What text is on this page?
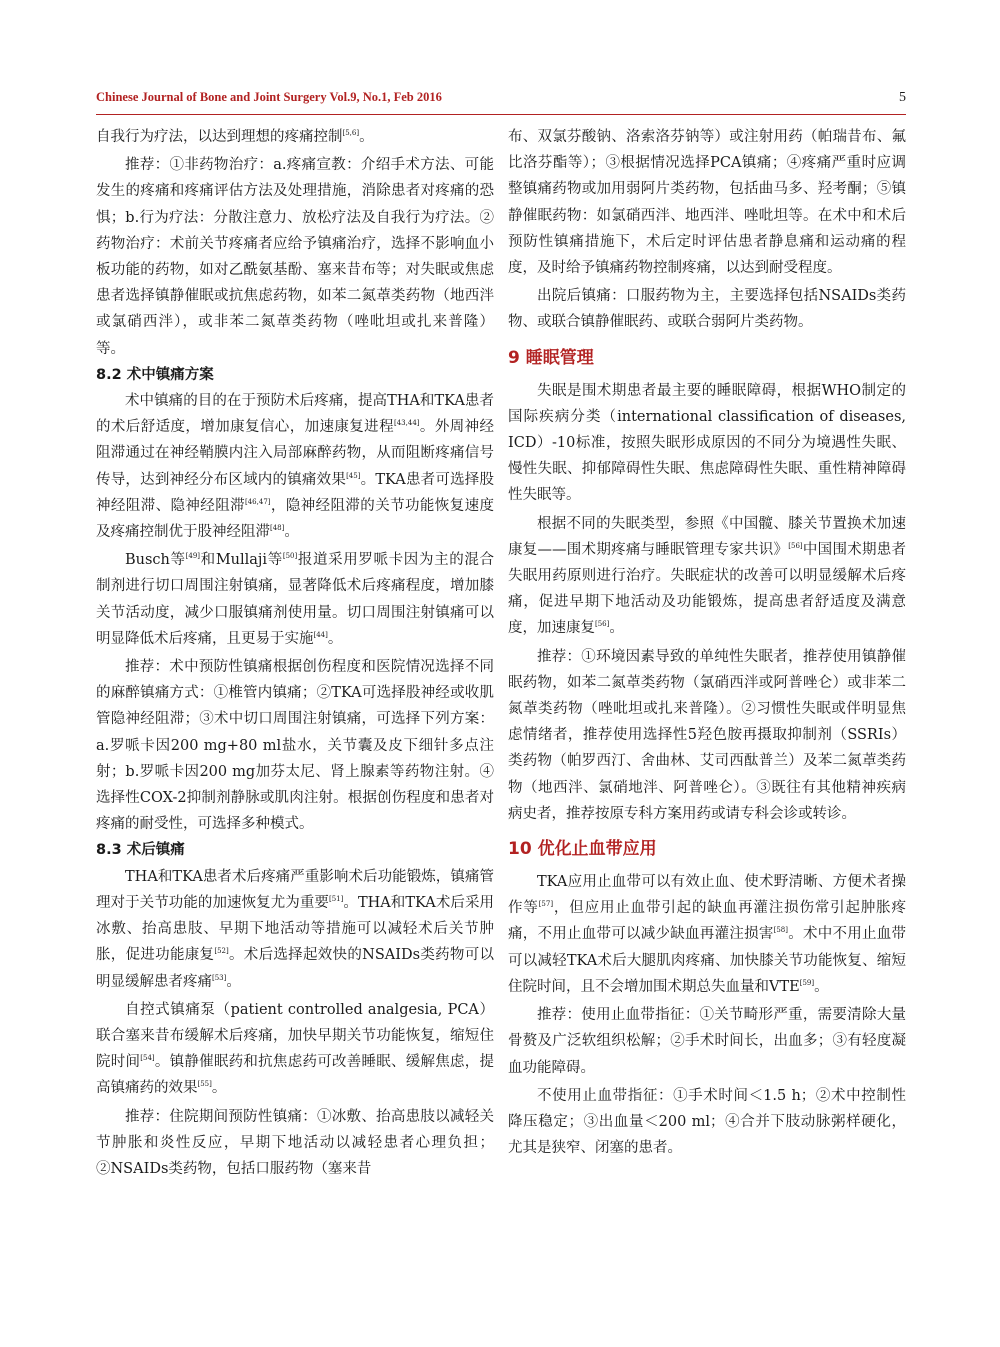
Chinese Journal of Bone and Joint Surgery Vol.9, No.1, Feb 2016	5

自我行为疗法，以达到理想的疼痛控制[5,6]。

推荐：①非药物治疗：a.疼痛宣教：介绍手术方法、可能发生的疼痛和疼痛评估方法及处理措施，消除患者对疼痛的恐惧；b.行为疗法：分散注意力、放松疗法及自我行为疗法。②药物治疗：术前关节疼痛者应给予镇痛治疗，选择不影响血小板功能的药物，如对乙酰氨基酚、塞来昔布等；对失眠或焦虑患者选择镇静催眠或抗焦虑药物，如苯二氮䓬类药物（地西泮或氯硝西泮），或非苯二氮䓬类药物（唑吡坦或扎来普隆）等。

8.2 术中镇痛方案

术中镇痛的目的在于预防术后疼痛，提高THA和TKA患者的术后舒适度，增加康复信心，加速康复进程[43,44]。外周神经阻滞通过在神经鞘膜内注入局部麻醉药物，从而阻断疼痛信号传导，达到神经分布区域内的镇痛效果[45]。TKA患者可选择股神经阻滞、隐神经阻滞[46,47]，隐神经阻滞的关节功能恢复速度及疼痛控制优于股神经阻滞[48]。

Busch等[49]和Mullaji等[50]报道采用罗哌卡因为主的混合制剂进行切口周围注射镇痛，显著降低术后疼痛程度，增加膝关节活动度，减少口服镇痛剂使用量。切口周围注射镇痛可以明显降低术后疼痛，且更易于实施[44]。

推荐：术中预防性镇痛根据创伤程度和医院情况选择不同的麻醉镇痛方式：①椎管内镇痛；②TKA可选择股神经或收肌管隐神经阻滞；③术中切口周围注射镇痛，可选择下列方案：a.罗哌卡因200 mg+80 ml盐水，关节囊及皮下细针多点注射；b.罗哌卡因200 mg加芬太尼、肾上腺素等药物注射。④选择性COX-2抑制剂静脉或肌肉注射。根据创伤程度和患者对疼痛的耐受性，可选择多种模式。

8.3 术后镇痛

THA和TKA患者术后疼痛严重影响术后功能锻炼，镇痛管理对于关节功能的加速恢复尤为重要[51]。THA和TKA术后采用冰敷、抬高患肢、早期下地活动等措施可以减轻术后关节肿胀，促进功能康复[52]。术后选择起效快的NSAIDs类药物可以明显缓解患者疼痛[53]。

自控式镇痛泵（patient controlled analgesia, PCA）联合塞来昔布缓解术后疼痛，加快早期关节功能恢复，缩短住院时间[54]。镇静催眠药和抗焦虑药可改善睡眠、缓解焦虑，提高镇痛药的效果[55]。

推荐：住院期间预防性镇痛：①冰敷、抬高患肢以减轻关节肿胀和炎性反应，早期下地活动以减轻患者心理负担；②NSAIDs类药物，包括口服药物（塞来昔

布、双氯芬酸钠、洛索洛芬钠等）或注射用药（帕瑞昔布、氟比洛芬酯等）；③根据情况选择PCA镇痛；④疼痛严重时应调整镇痛药物或加用弱阿片类药物，包括曲马多、羟考酮；⑤镇静催眠药物：如氯硝西泮、地西泮、唑吡坦等。在术中和术后预防性镇痛措施下，术后定时评估患者静息痛和运动痛的程度，及时给予镇痛药物控制疼痛，以达到耐受程度。

出院后镇痛：口服药物为主，主要选择包括NSAIDs类药物、或联合镇静催眠药、或联合弱阿片类药物。

9 睡眠管理

失眠是围术期患者最主要的睡眠障碍，根据WHO制定的国际疾病分类（international classification of diseases, ICD）-10标准，按照失眠形成原因的不同分为境遇性失眠、慢性失眠、抑郁障碍性失眠、焦虑障碍性失眠、重性精神障碍性失眠等。

根据不同的失眠类型，参照《中国髋、膝关节置换术加速康复——围术期疼痛与睡眠管理专家共识》[56]中国围术期患者失眠用药原则进行治疗。失眠症状的改善可以明显缓解术后疼痛，促进早期下地活动及功能锻炼，提高患者舒适度及满意度，加速康复[56]。

推荐：①环境因素导致的单纯性失眠者，推荐使用镇静催眠药物，如苯二氮䓬类药物（氯硝西泮或阿普唑仑）或非苯二氮䓬类药物（唑吡坦或扎来普隆）。②习惯性失眠或伴明显焦虑情绪者，推荐使用选择性5羟色胺再摄取抑制剂（SSRIs）类药物（帕罗西汀、舍曲林、艾司西酞普兰）及苯二氮䓬类药物（地西泮、氯硝地泮、阿普唑仑）。③既往有其他精神疾病病史者，推荐按原专科方案用药或请专科会诊或转诊。

10 优化止血带应用

TKA应用止血带可以有效止血、使术野清晰、方便术者操作等[57]，但应用止血带引起的缺血再灌注损伤常引起肿胀疼痛，不用止血带可以减少缺血再灌注损害[58]。术中不用止血带可以减轻TKA术后大腿肌肉疼痛、加快膝关节功能恢复、缩短住院时间，且不会增加围术期总失血量和VTE[59]。

推荐：使用止血带指征：①关节畸形严重，需要清除大量骨赘及广泛软组织松解；②手术时间长，出血多；③有轻度凝血功能障碍。

不使用止血带指征：①手术时间＜1.5 h；②术中控制性降压稳定；③出血量＜200 ml；④合并下肢动脉粥样硬化，尤其是狭窄、闭塞的患者。
